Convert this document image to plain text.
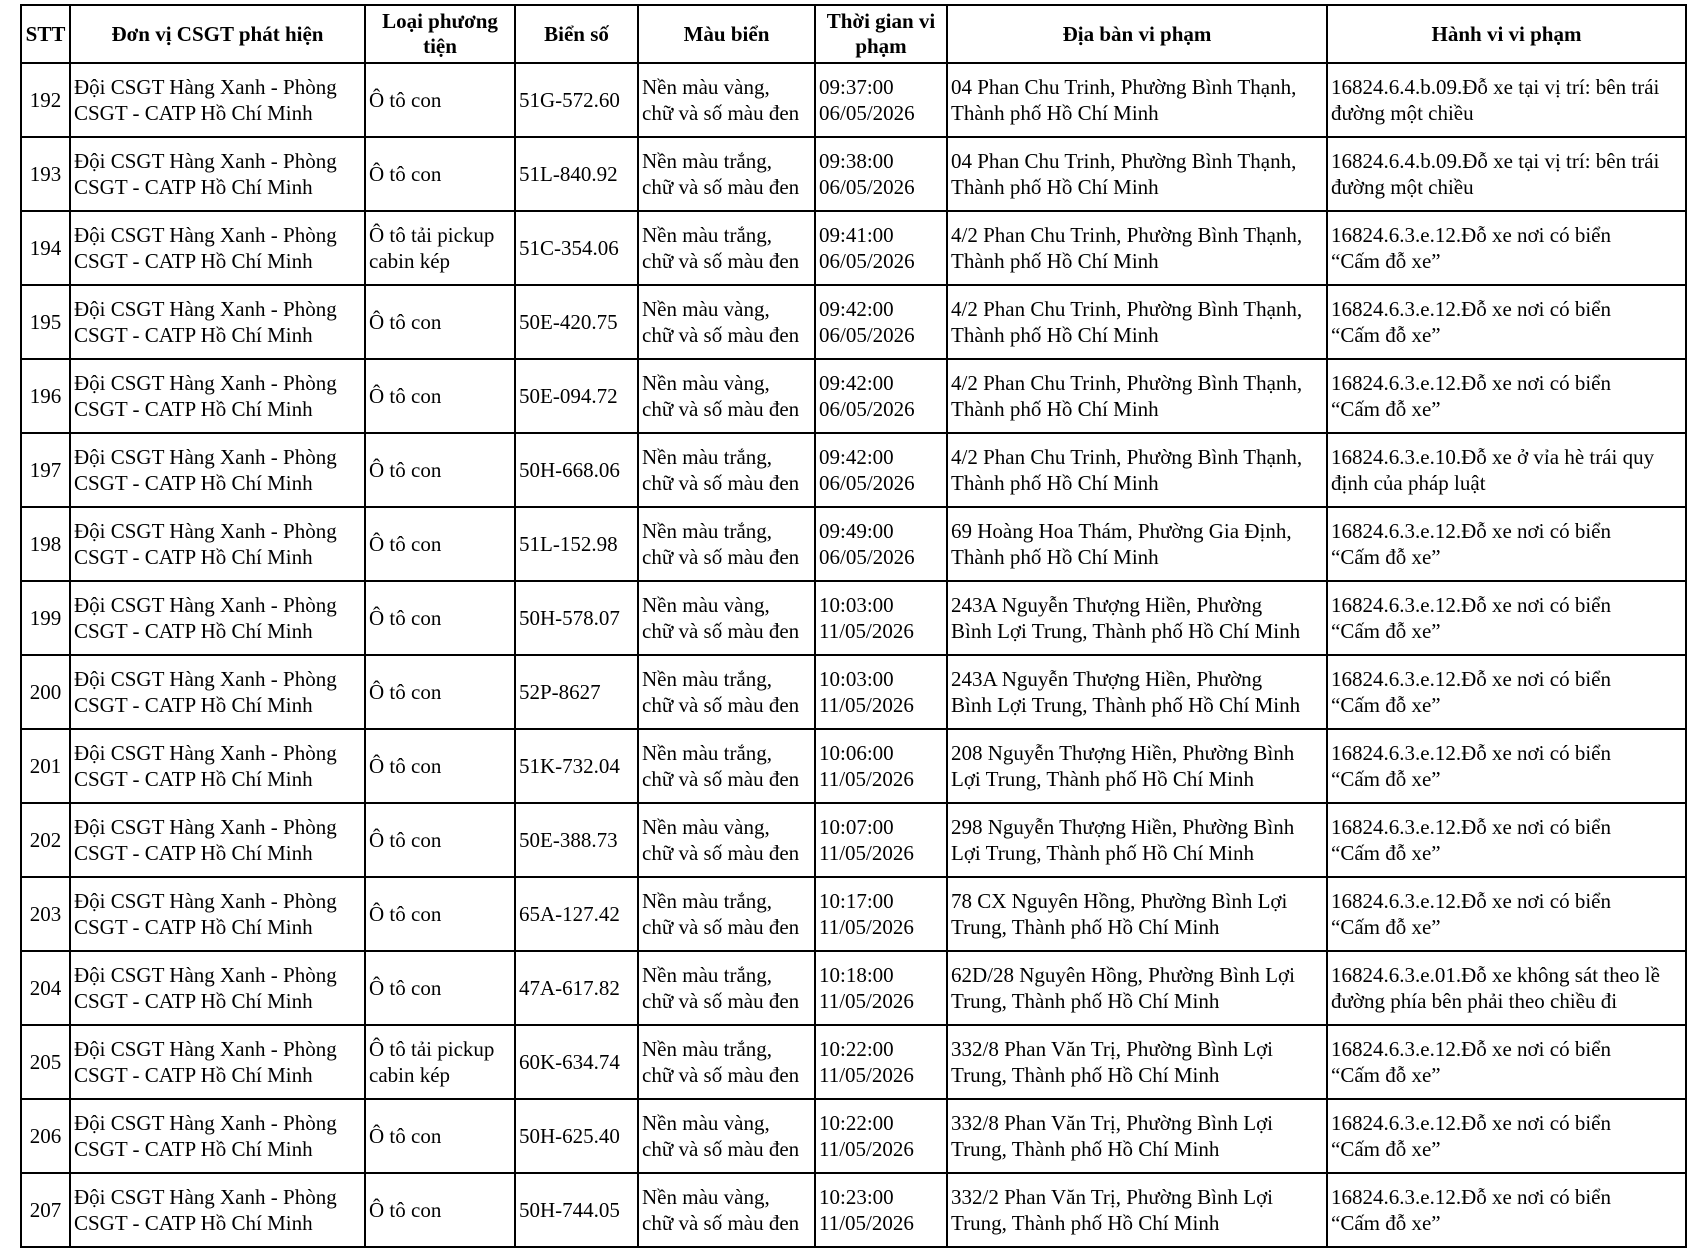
STT	Đơn vị CSGT phát hiện	Loại phương tiện	Biển số	Màu biển	Thời gian vi phạm	Địa bàn vi phạm	Hành vi vi phạm
192	Đội CSGT Hàng Xanh - Phòng
CSGT - CATP Hồ Chí Minh	Ô tô con	51G-572.60	Nền màu vàng,
chữ và số màu đen	09:37:00
06/05/2026	04 Phan Chu Trinh, Phường Bình Thạnh,
Thành phố Hồ Chí Minh	16824.6.4.b.09.Đỗ xe tại vị trí: bên trái
đường một chiều

193	Đội CSGT Hàng Xanh - Phòng
CSGT - CATP Hồ Chí Minh	Ô tô con	51L-840.92	Nền màu trắng,
chữ và số màu đen	09:38:00
06/05/2026	04 Phan Chu Trinh, Phường Bình Thạnh,
Thành phố Hồ Chí Minh	16824.6.4.b.09.Đỗ xe tại vị trí: bên trái
đường một chiều

194	Đội CSGT Hàng Xanh - Phòng
CSGT - CATP Hồ Chí Minh	Ô tô tải pickup
cabin kép	51C-354.06	Nền màu trắng,
chữ và số màu đen	09:41:00
06/05/2026	4/2 Phan Chu Trinh, Phường Bình Thạnh,
Thành phố Hồ Chí Minh	16824.6.3.e.12.Đỗ xe nơi có biển
“Cấm đỗ xe”

195	Đội CSGT Hàng Xanh - Phòng
CSGT - CATP Hồ Chí Minh	Ô tô con	50E-420.75	Nền màu vàng,
chữ và số màu đen	09:42:00
06/05/2026	4/2 Phan Chu Trinh, Phường Bình Thạnh,
Thành phố Hồ Chí Minh	16824.6.3.e.12.Đỗ xe nơi có biển
“Cấm đỗ xe”

196	Đội CSGT Hàng Xanh - Phòng
CSGT - CATP Hồ Chí Minh	Ô tô con	50E-094.72	Nền màu vàng,
chữ và số màu đen	09:42:00
06/05/2026	4/2 Phan Chu Trinh, Phường Bình Thạnh,
Thành phố Hồ Chí Minh	16824.6.3.e.12.Đỗ xe nơi có biển
“Cấm đỗ xe”

197	Đội CSGT Hàng Xanh - Phòng
CSGT - CATP Hồ Chí Minh	Ô tô con	50H-668.06	Nền màu trắng,
chữ và số màu đen	09:42:00
06/05/2026	4/2 Phan Chu Trinh, Phường Bình Thạnh,
Thành phố Hồ Chí Minh	16824.6.3.e.10.Đỗ xe ở vỉa hè trái quy
định của pháp luật

198	Đội CSGT Hàng Xanh - Phòng
CSGT - CATP Hồ Chí Minh	Ô tô con	51L-152.98	Nền màu trắng,
chữ và số màu đen	09:49:00
06/05/2026	69 Hoàng Hoa Thám, Phường Gia Định,
Thành phố Hồ Chí Minh	16824.6.3.e.12.Đỗ xe nơi có biển
“Cấm đỗ xe”

199	Đội CSGT Hàng Xanh - Phòng
CSGT - CATP Hồ Chí Minh	Ô tô con	50H-578.07	Nền màu vàng,
chữ và số màu đen	10:03:00
11/05/2026	243A Nguyễn Thượng Hiền, Phường
Bình Lợi Trung, Thành phố Hồ Chí Minh	16824.6.3.e.12.Đỗ xe nơi có biển
“Cấm đỗ xe”

200	Đội CSGT Hàng Xanh - Phòng
CSGT - CATP Hồ Chí Minh	Ô tô con	52P-8627	Nền màu trắng,
chữ và số màu đen	10:03:00
11/05/2026	243A Nguyễn Thượng Hiền, Phường
Bình Lợi Trung, Thành phố Hồ Chí Minh	16824.6.3.e.12.Đỗ xe nơi có biển
“Cấm đỗ xe”

201	Đội CSGT Hàng Xanh - Phòng
CSGT - CATP Hồ Chí Minh	Ô tô con	51K-732.04	Nền màu trắng,
chữ và số màu đen	10:06:00
11/05/2026	208 Nguyễn Thượng Hiền, Phường Bình
Lợi Trung, Thành phố Hồ Chí Minh	16824.6.3.e.12.Đỗ xe nơi có biển
“Cấm đỗ xe”

202	Đội CSGT Hàng Xanh - Phòng
CSGT - CATP Hồ Chí Minh	Ô tô con	50E-388.73	Nền màu vàng,
chữ và số màu đen	10:07:00
11/05/2026	298 Nguyễn Thượng Hiền, Phường Bình
Lợi Trung, Thành phố Hồ Chí Minh	16824.6.3.e.12.Đỗ xe nơi có biển
“Cấm đỗ xe”

203	Đội CSGT Hàng Xanh - Phòng
CSGT - CATP Hồ Chí Minh	Ô tô con	65A-127.42	Nền màu trắng,
chữ và số màu đen	10:17:00
11/05/2026	78 CX Nguyên Hồng, Phường Bình Lợi
Trung, Thành phố Hồ Chí Minh	16824.6.3.e.12.Đỗ xe nơi có biển
“Cấm đỗ xe”

204	Đội CSGT Hàng Xanh - Phòng
CSGT - CATP Hồ Chí Minh	Ô tô con	47A-617.82	Nền màu trắng,
chữ và số màu đen	10:18:00
11/05/2026	62D/28 Nguyên Hồng, Phường Bình Lợi
Trung, Thành phố Hồ Chí Minh	16824.6.3.e.01.Đỗ xe không sát theo lề
đường phía bên phải theo chiều đi

205	Đội CSGT Hàng Xanh - Phòng
CSGT - CATP Hồ Chí Minh	Ô tô tải pickup
cabin kép	60K-634.74	Nền màu trắng,
chữ và số màu đen	10:22:00
11/05/2026	332/8 Phan Văn Trị, Phường Bình Lợi
Trung, Thành phố Hồ Chí Minh	16824.6.3.e.12.Đỗ xe nơi có biển
“Cấm đỗ xe”

206	Đội CSGT Hàng Xanh - Phòng
CSGT - CATP Hồ Chí Minh	Ô tô con	50H-625.40	Nền màu vàng,
chữ và số màu đen	10:22:00
11/05/2026	332/8 Phan Văn Trị, Phường Bình Lợi
Trung, Thành phố Hồ Chí Minh	16824.6.3.e.12.Đỗ xe nơi có biển
“Cấm đỗ xe”

207	Đội CSGT Hàng Xanh - Phòng
CSGT - CATP Hồ Chí Minh	Ô tô con	50H-744.05	Nền màu vàng,
chữ và số màu đen	10:23:00
11/05/2026	332/2 Phan Văn Trị, Phường Bình Lợi
Trung, Thành phố Hồ Chí Minh	16824.6.3.e.12.Đỗ xe nơi có biển
“Cấm đỗ xe”
